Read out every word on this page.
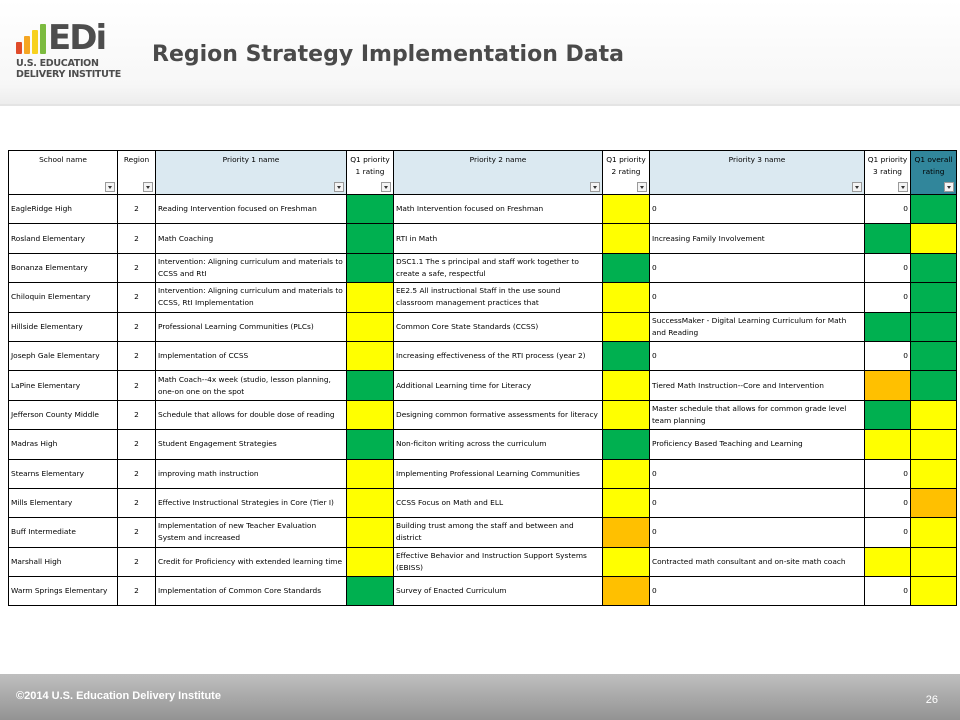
EDi
U.S. EDUCATION
DELIVERY INSTITUTE
Region Strategy Implementation Data
School name	Region	Priority 1 name	Q1 priority 1 rating	Priority 2 name	Q1 priority 2 rating	Priority 3 name	Q1 priority 3 rating	Q1 overall rating

EagleRidge High	2	Reading Intervention focused on Freshman		Math Intervention focused on Freshman		0	0	
Rosland Elementary	2	Math Coaching		RTI in Math		Increasing Family Involvement		
Bonanza Elementary	2	Intervention: Aligning curriculum and materials to CCSS and RtI		DSC1.1 The s principal and staff work together to create a safe, respectful		0	0	
Chiloquin Elementary	2	Intervention: Aligning curriculum and materials to CCSS, RtI Implementation		EE2.5 All instructional Staff in the use sound classroom management practices that		0	0	
Hillside Elementary	2	Professional Learning Communities (PLCs)		Common Core State Standards (CCSS)		SuccessMaker - Digital Learning Curriculum for Math and Reading		
Joseph Gale Elementary	2	Implementation of CCSS		Increasing effectiveness of the RTI process (year 2)		0	0	
LaPine Elementary	2	Math Coach--4x week (studio, lesson planning, one-on one on the spot		Additional Learning time for Literacy		Tiered Math Instruction--Core and Intervention		
Jefferson County Middle	2	Schedule that allows for double dose of reading		Designing common formative assessments for literacy		Master schedule that allows for common grade level team planning		
Madras High	2	Student Engagement Strategies		Non-ficiton writing across the curriculum		Proficiency Based Teaching and Learning		
Stearns Elementary	2	improving math instruction		Implementing Professional Learning Communities		0	0	
Mills Elementary	2	Effective Instructional Strategies in Core (Tier I)		CCSS Focus on Math and ELL		0	0	
Buff Intermediate	2	Implementation of new Teacher Evaluation System and increased		Building trust among the staff and between and district		0	0	
Marshall High	2	Credit for Proficiency with extended learning time		Effective Behavior and Instruction Support Systems (EBISS)		Contracted math consultant and on-site math coach		
Warm Springs Elementary	2	Implementation of Common Core Standards		Survey of Enacted Curriculum		0	0	
©2014 U.S. Education Delivery Institute	26
